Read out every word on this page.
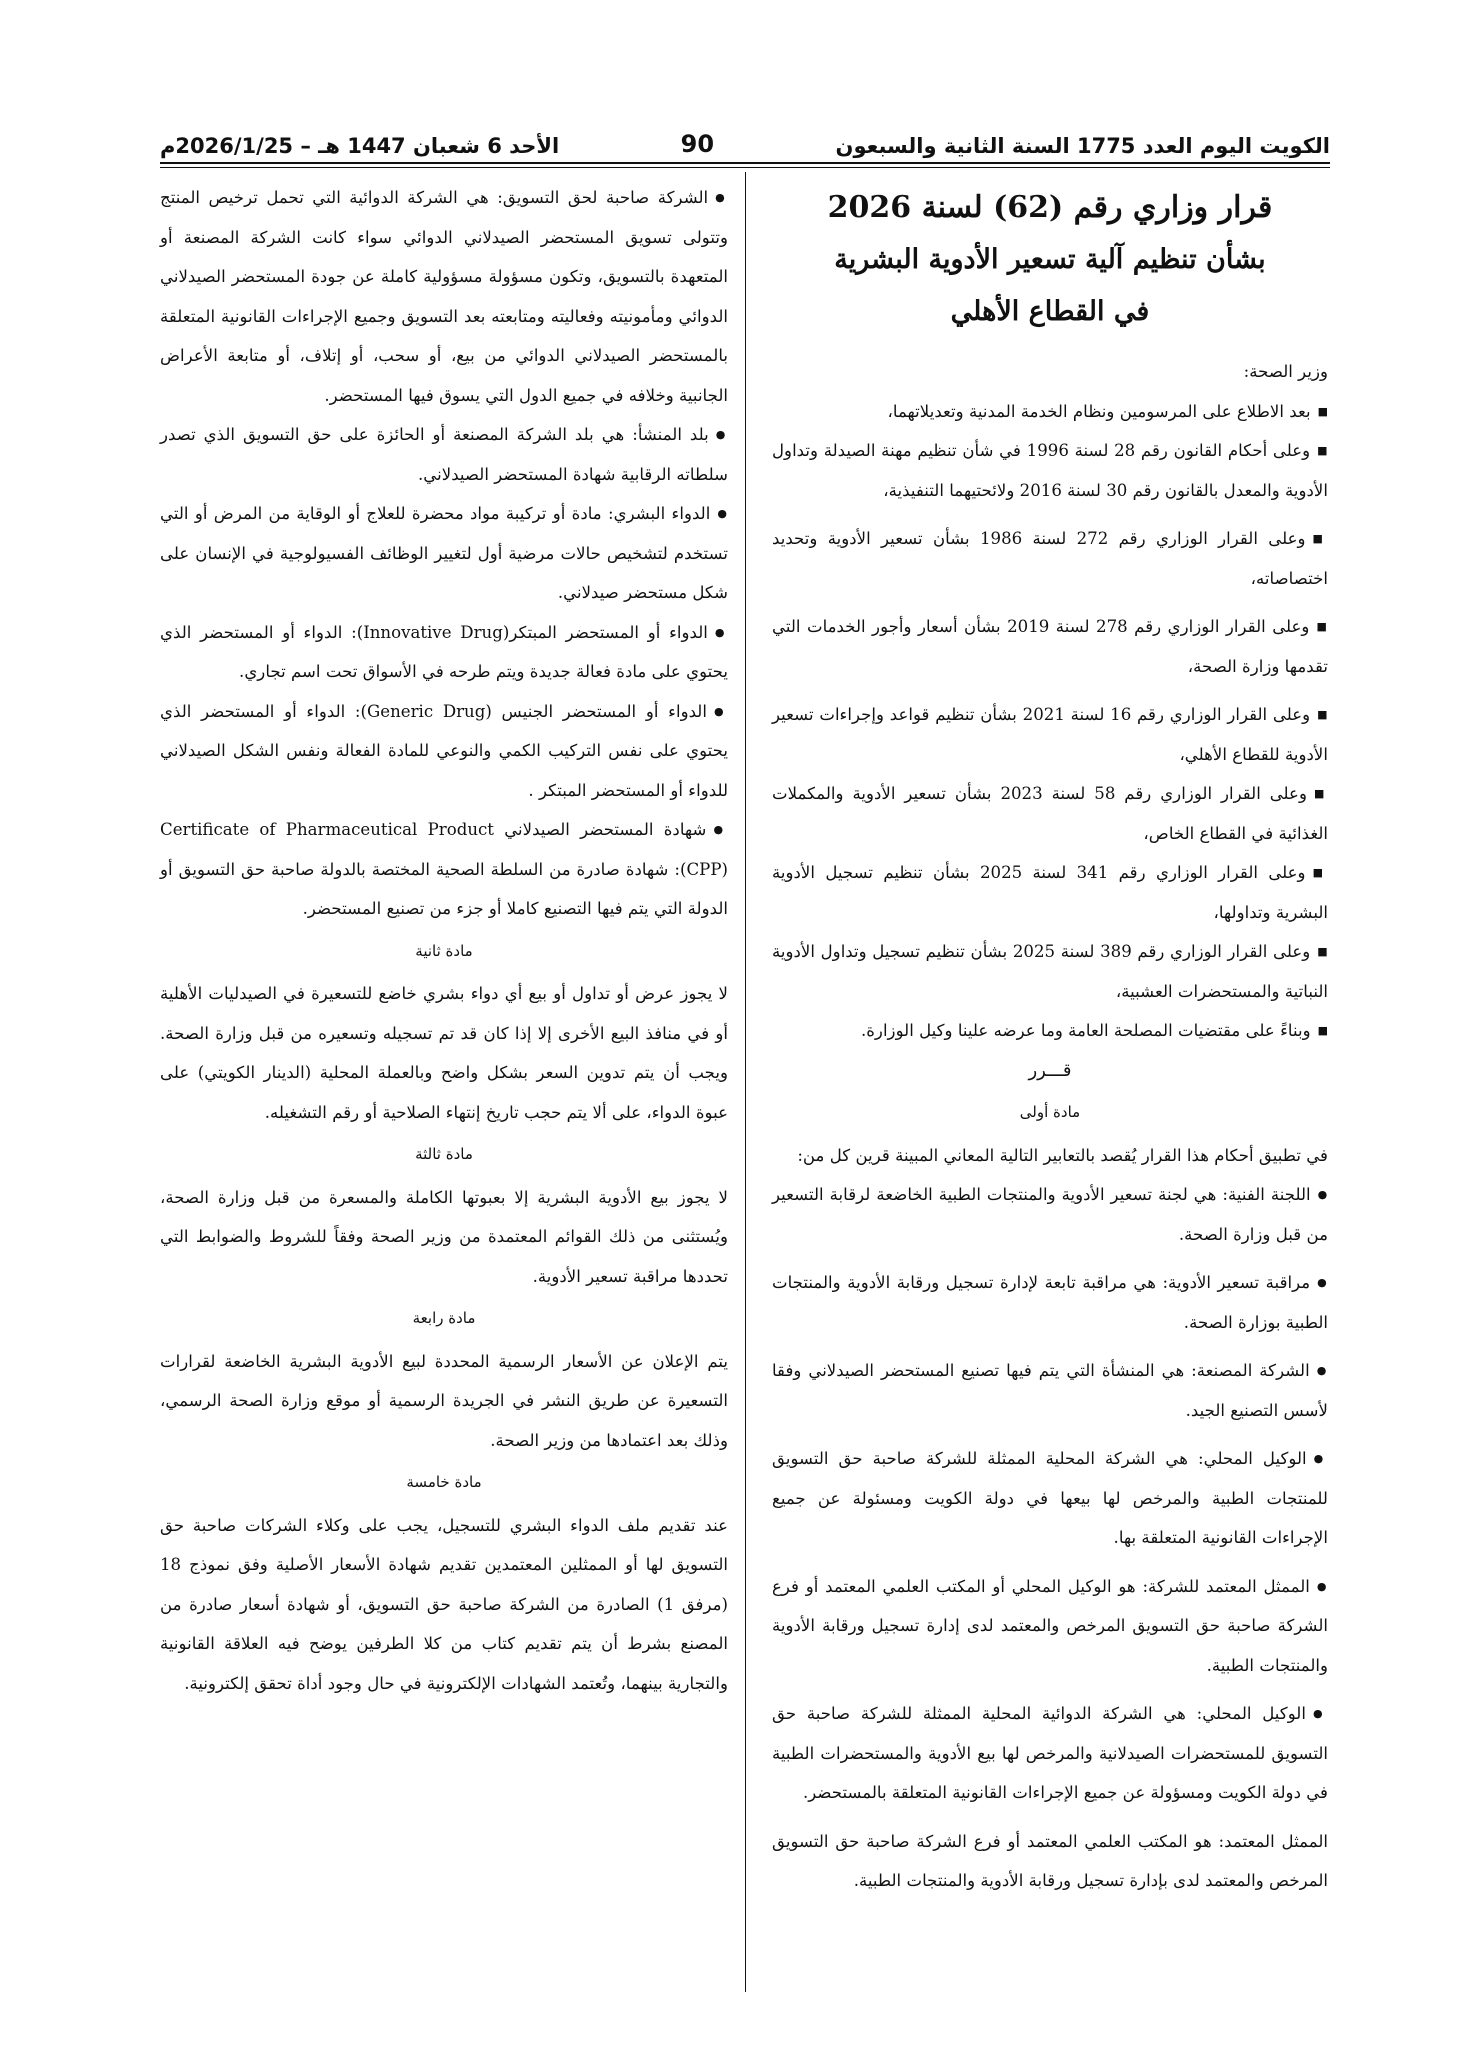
الكويت اليوم العدد 1775 السنة الثانية والسبعون
90
الأحد 6 شعبان 1447 هـ – 2026/1/25م
قرار وزاري رقم (62) لسنة 2026
بشأن تنظيم آلية تسعير الأدوية البشرية
في القطاع الأهلي

وزير الصحة:

■ بعد الاطلاع على المرسومين ونظام الخدمة المدنية وتعديلاتهما،

■ وعلى أحكام القانون رقم 28 لسنة 1996 في شأن تنظيم مهنة الصيدلة وتداول الأدوية والمعدل بالقانون رقم 30 لسنة 2016 ولائحتيهما التنفيذية،

■ وعلى القرار الوزاري رقم 272 لسنة 1986 بشأن تسعير الأدوية وتحديد اختصاصاته،

■ وعلى القرار الوزاري رقم 278 لسنة 2019 بشأن أسعار وأجور الخدمات التي تقدمها وزارة الصحة،

■ وعلى القرار الوزاري رقم 16 لسنة 2021 بشأن تنظيم قواعد وإجراءات تسعير الأدوية للقطاع الأهلي،

■ وعلى القرار الوزاري رقم 58 لسنة 2023 بشأن تسعير الأدوية والمكملات الغذائية في القطاع الخاص،

■ وعلى القرار الوزاري رقم 341 لسنة 2025 بشأن تنظيم تسجيل الأدوية البشرية وتداولها،

■ وعلى القرار الوزاري رقم 389 لسنة 2025 بشأن تنظيم تسجيل وتداول الأدوية النباتية والمستحضرات العشبية،

■ وبناءً على مقتضيات المصلحة العامة وما عرضه علينا وكيل الوزارة.

قـــرر

مادة أولى

في تطبيق أحكام هذا القرار يُقصد بالتعابير التالية المعاني المبينة قرين كل من:

● اللجنة الفنية: هي لجنة تسعير الأدوية والمنتجات الطبية الخاضعة لرقابة التسعير من قبل وزارة الصحة.

● مراقبة تسعير الأدوية: هي مراقبة تابعة لإدارة تسجيل ورقابة الأدوية والمنتجات الطبية بوزارة الصحة.

● الشركة المصنعة: هي المنشأة التي يتم فيها تصنيع المستحضر الصيدلاني وفقا لأسس التصنيع الجيد.

● الوكيل المحلي: هي الشركة المحلية الممثلة للشركة صاحبة حق التسويق للمنتجات الطبية والمرخص لها بيعها في دولة الكويت ومسئولة عن جميع الإجراءات القانونية المتعلقة بها.

● الممثل المعتمد للشركة: هو الوكيل المحلي أو المكتب العلمي المعتمد أو فرع الشركة صاحبة حق التسويق المرخص والمعتمد لدى إدارة تسجيل ورقابة الأدوية والمنتجات الطبية.

● الوكيل المحلي: هي الشركة الدوائية المحلية الممثلة للشركة صاحبة حق التسويق للمستحضرات الصيدلانية والمرخص لها بيع الأدوية والمستحضرات الطبية في دولة الكويت ومسؤولة عن جميع الإجراءات القانونية المتعلقة بالمستحضر.

الممثل المعتمد: هو المكتب العلمي المعتمد أو فرع الشركة صاحبة حق التسويق المرخص والمعتمد لدى بإدارة تسجيل ورقابة الأدوية والمنتجات الطبية.

● الشركة صاحبة لحق التسويق: هي الشركة الدوائية التي تحمل ترخيص المنتج وتتولى تسويق المستحضر الصيدلاني الدوائي سواء كانت الشركة المصنعة أو المتعهدة بالتسويق، وتكون مسؤولة مسؤولية كاملة عن جودة المستحضر الصيدلاني الدوائي ومأمونيته وفعاليته ومتابعته بعد التسويق وجميع الإجراءات القانونية المتعلقة بالمستحضر الصيدلاني الدوائي من بيع، أو سحب، أو إتلاف، أو متابعة الأعراض الجانبية وخلافه في جميع الدول التي يسوق فيها المستحضر.

● بلد المنشأ: هي بلد الشركة المصنعة أو الحائزة على حق التسويق الذي تصدر سلطاته الرقابية شهادة المستحضر الصيدلاني.

● الدواء البشري: مادة أو تركيبة مواد محضرة للعلاج أو الوقاية من المرض أو التي تستخدم لتشخيص حالات مرضية أول لتغيير الوظائف الفسيولوجية في الإنسان على شكل مستحضر صيدلاني.

● الدواء أو المستحضر المبتكر(Innovative Drug): الدواء أو المستحضر الذي يحتوي على مادة فعالة جديدة ويتم طرحه في الأسواق تحت اسم تجاري.

● الدواء أو المستحضر الجنيس (Generic Drug): الدواء أو المستحضر الذي يحتوي على نفس التركيب الكمي والنوعي للمادة الفعالة ونفس الشكل الصيدلاني للدواء أو المستحضر المبتكر .

● شهادة المستحضر الصيدلاني Certificate of Pharmaceutical Product (CPP): شهادة صادرة من السلطة الصحية المختصة بالدولة صاحبة حق التسويق أو الدولة التي يتم فيها التصنيع كاملا أو جزء من تصنيع المستحضر.

مادة ثانية

لا يجوز عرض أو تداول أو بيع أي دواء بشري خاضع للتسعيرة في الصيدليات الأهلية أو في منافذ البيع الأخرى إلا إذا كان قد تم تسجيله وتسعيره من قبل وزارة الصحة. ويجب أن يتم تدوين السعر بشكل واضح وبالعملة المحلية (الدينار الكويتي) على عبوة الدواء، على ألا يتم حجب تاريخ إنتهاء الصلاحية أو رقم التشغيله.

مادة ثالثة

لا يجوز بيع الأدوية البشرية إلا بعبوتها الكاملة والمسعرة من قبل وزارة الصحة، ويُستثنى من ذلك القوائم المعتمدة من وزير الصحة وفقاً للشروط والضوابط التي تحددها مراقبة تسعير الأدوية.

مادة رابعة

يتم الإعلان عن الأسعار الرسمية المحددة لبيع الأدوية البشرية الخاضعة لقرارات التسعيرة عن طريق النشر في الجريدة الرسمية أو موقع وزارة الصحة الرسمي، وذلك بعد اعتمادها من وزير الصحة.

مادة خامسة

عند تقديم ملف الدواء البشري للتسجيل، يجب على وكلاء الشركات صاحبة حق التسويق لها أو الممثلين المعتمدين تقديم شهادة الأسعار الأصلية وفق نموذج 18 (مرفق 1) الصادرة من الشركة صاحبة حق التسويق، أو شهادة أسعار صادرة من المصنع بشرط أن يتم تقديم كتاب من كلا الطرفين يوضح فيه العلاقة القانونية والتجارية بينهما، وتُعتمد الشهادات الإلكترونية في حال وجود أداة تحقق إلكترونية.
